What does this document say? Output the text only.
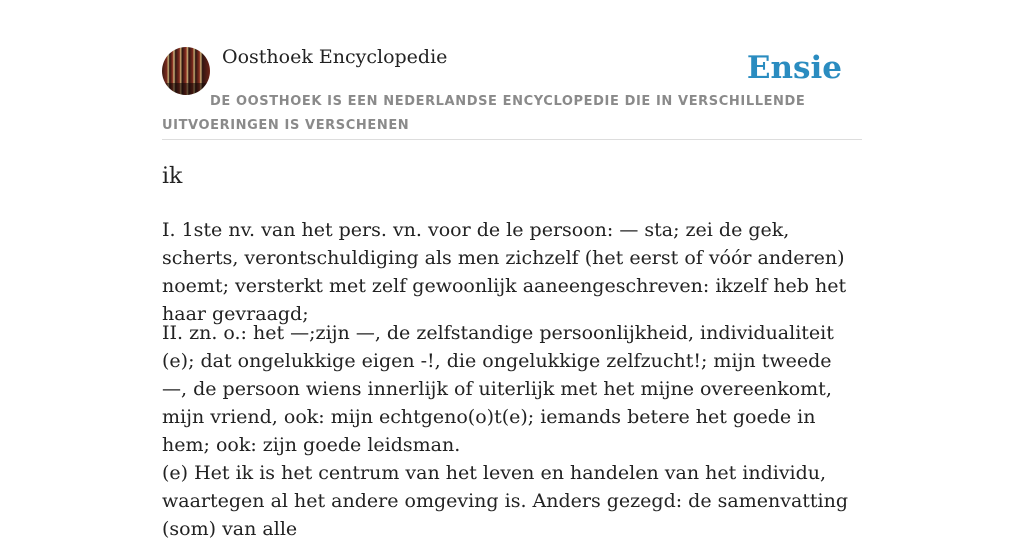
Oosthoek Encyclopedie	Ensie
DE OOSTHOEK IS EEN NEDERLANDSE ENCYCLOPEDIE DIE IN VERSCHILLENDE UITVOERINGEN IS VERSCHENEN
ik
I. 1ste nv. van het pers. vn. voor de le persoon: — sta; zei de gek, scherts, verontschuldiging als men zichzelf (het eerst of vóór anderen) noemt; versterkt met zelf gewoonlijk aaneengeschreven: ikzelf heb het haar gevraagd;
II. zn. o.: het —;zijn —, de zelfstandige persoonlijkheid, individualiteit (e); dat ongelukkige eigen -!, die ongelukkige zelfzucht!; mijn tweede —, de persoon wiens innerlijk of uiterlijk met het mijne overeenkomt, mijn vriend, ook: mijn echtgeno(o)t(e); iemands betere het goede in hem; ook: zijn goede leidsman.
(e) Het ik is het centrum van het leven en handelen van het individu, waartegen al het andere omgeving is. Anders gezegd: de samenvatting (som) van alle
